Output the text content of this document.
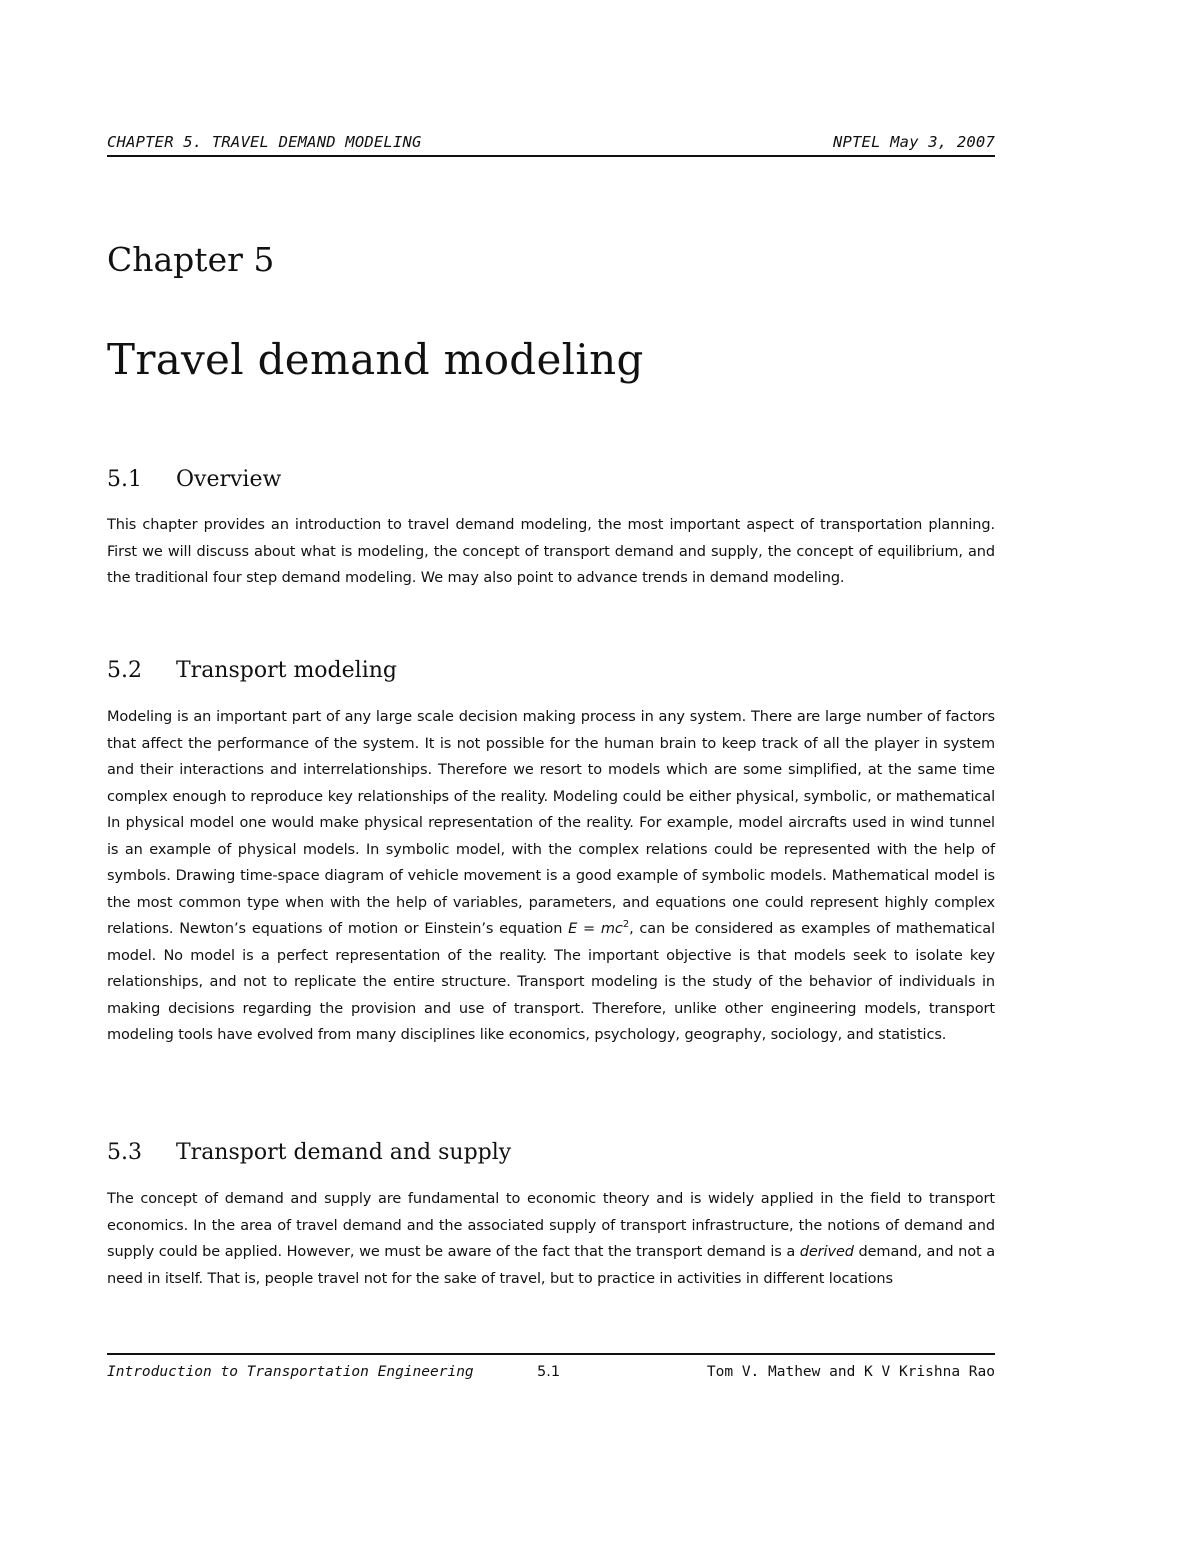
CHAPTER 5. TRAVEL DEMAND MODELING	NPTEL May 3, 2007
Chapter 5
Travel demand modeling
5.1 Overview

This chapter provides an introduction to travel demand modeling, the most important aspect of transportation planning. First we will discuss about what is modeling, the concept of transport demand and supply, the concept of equilibrium, and the traditional four step demand modeling. We may also point to advance trends in demand modeling.

5.2 Transport modeling

Modeling is an important part of any large scale decision making process in any system. There are large number of factors that affect the performance of the system. It is not possible for the human brain to keep track of all the player in system and their interactions and interrelationships. Therefore we resort to models which are some simplified, at the same time complex enough to reproduce key relationships of the reality. Modeling could be either physical, symbolic, or mathematical In physical model one would make physical representation of the reality. For example, model aircrafts used in wind tunnel is an example of physical models. In symbolic model, with the complex relations could be represented with the help of symbols. Drawing time-space diagram of vehicle movement is a good example of symbolic models. Mathematical model is the most common type when with the help of variables, parameters, and equations one could represent highly complex relations. Newton’s equations of motion or Einstein’s equation $E = mc^2$, can be considered as examples of mathematical model. No model is a perfect representation of the reality. The important objective is that models seek to isolate key relationships, and not to replicate the entire structure. Transport modeling is the study of the behavior of individuals in making decisions regarding the provision and use of transport. Therefore, unlike other engineering models, transport modeling tools have evolved from many disciplines like economics, psychology, geography, sociology, and statistics.

5.3 Transport demand and supply

The concept of demand and supply are fundamental to economic theory and is widely applied in the field to transport economics. In the area of travel demand and the associated supply of transport infrastructure, the notions of demand and supply could be applied. However, we must be aware of the fact that the transport demand is a derived demand, and not a need in itself. That is, people travel not for the sake of travel, but to practice in activities in different locations

Introduction to Transportation Engineering	5.1	Tom V. Mathew and K V Krishna Rao
